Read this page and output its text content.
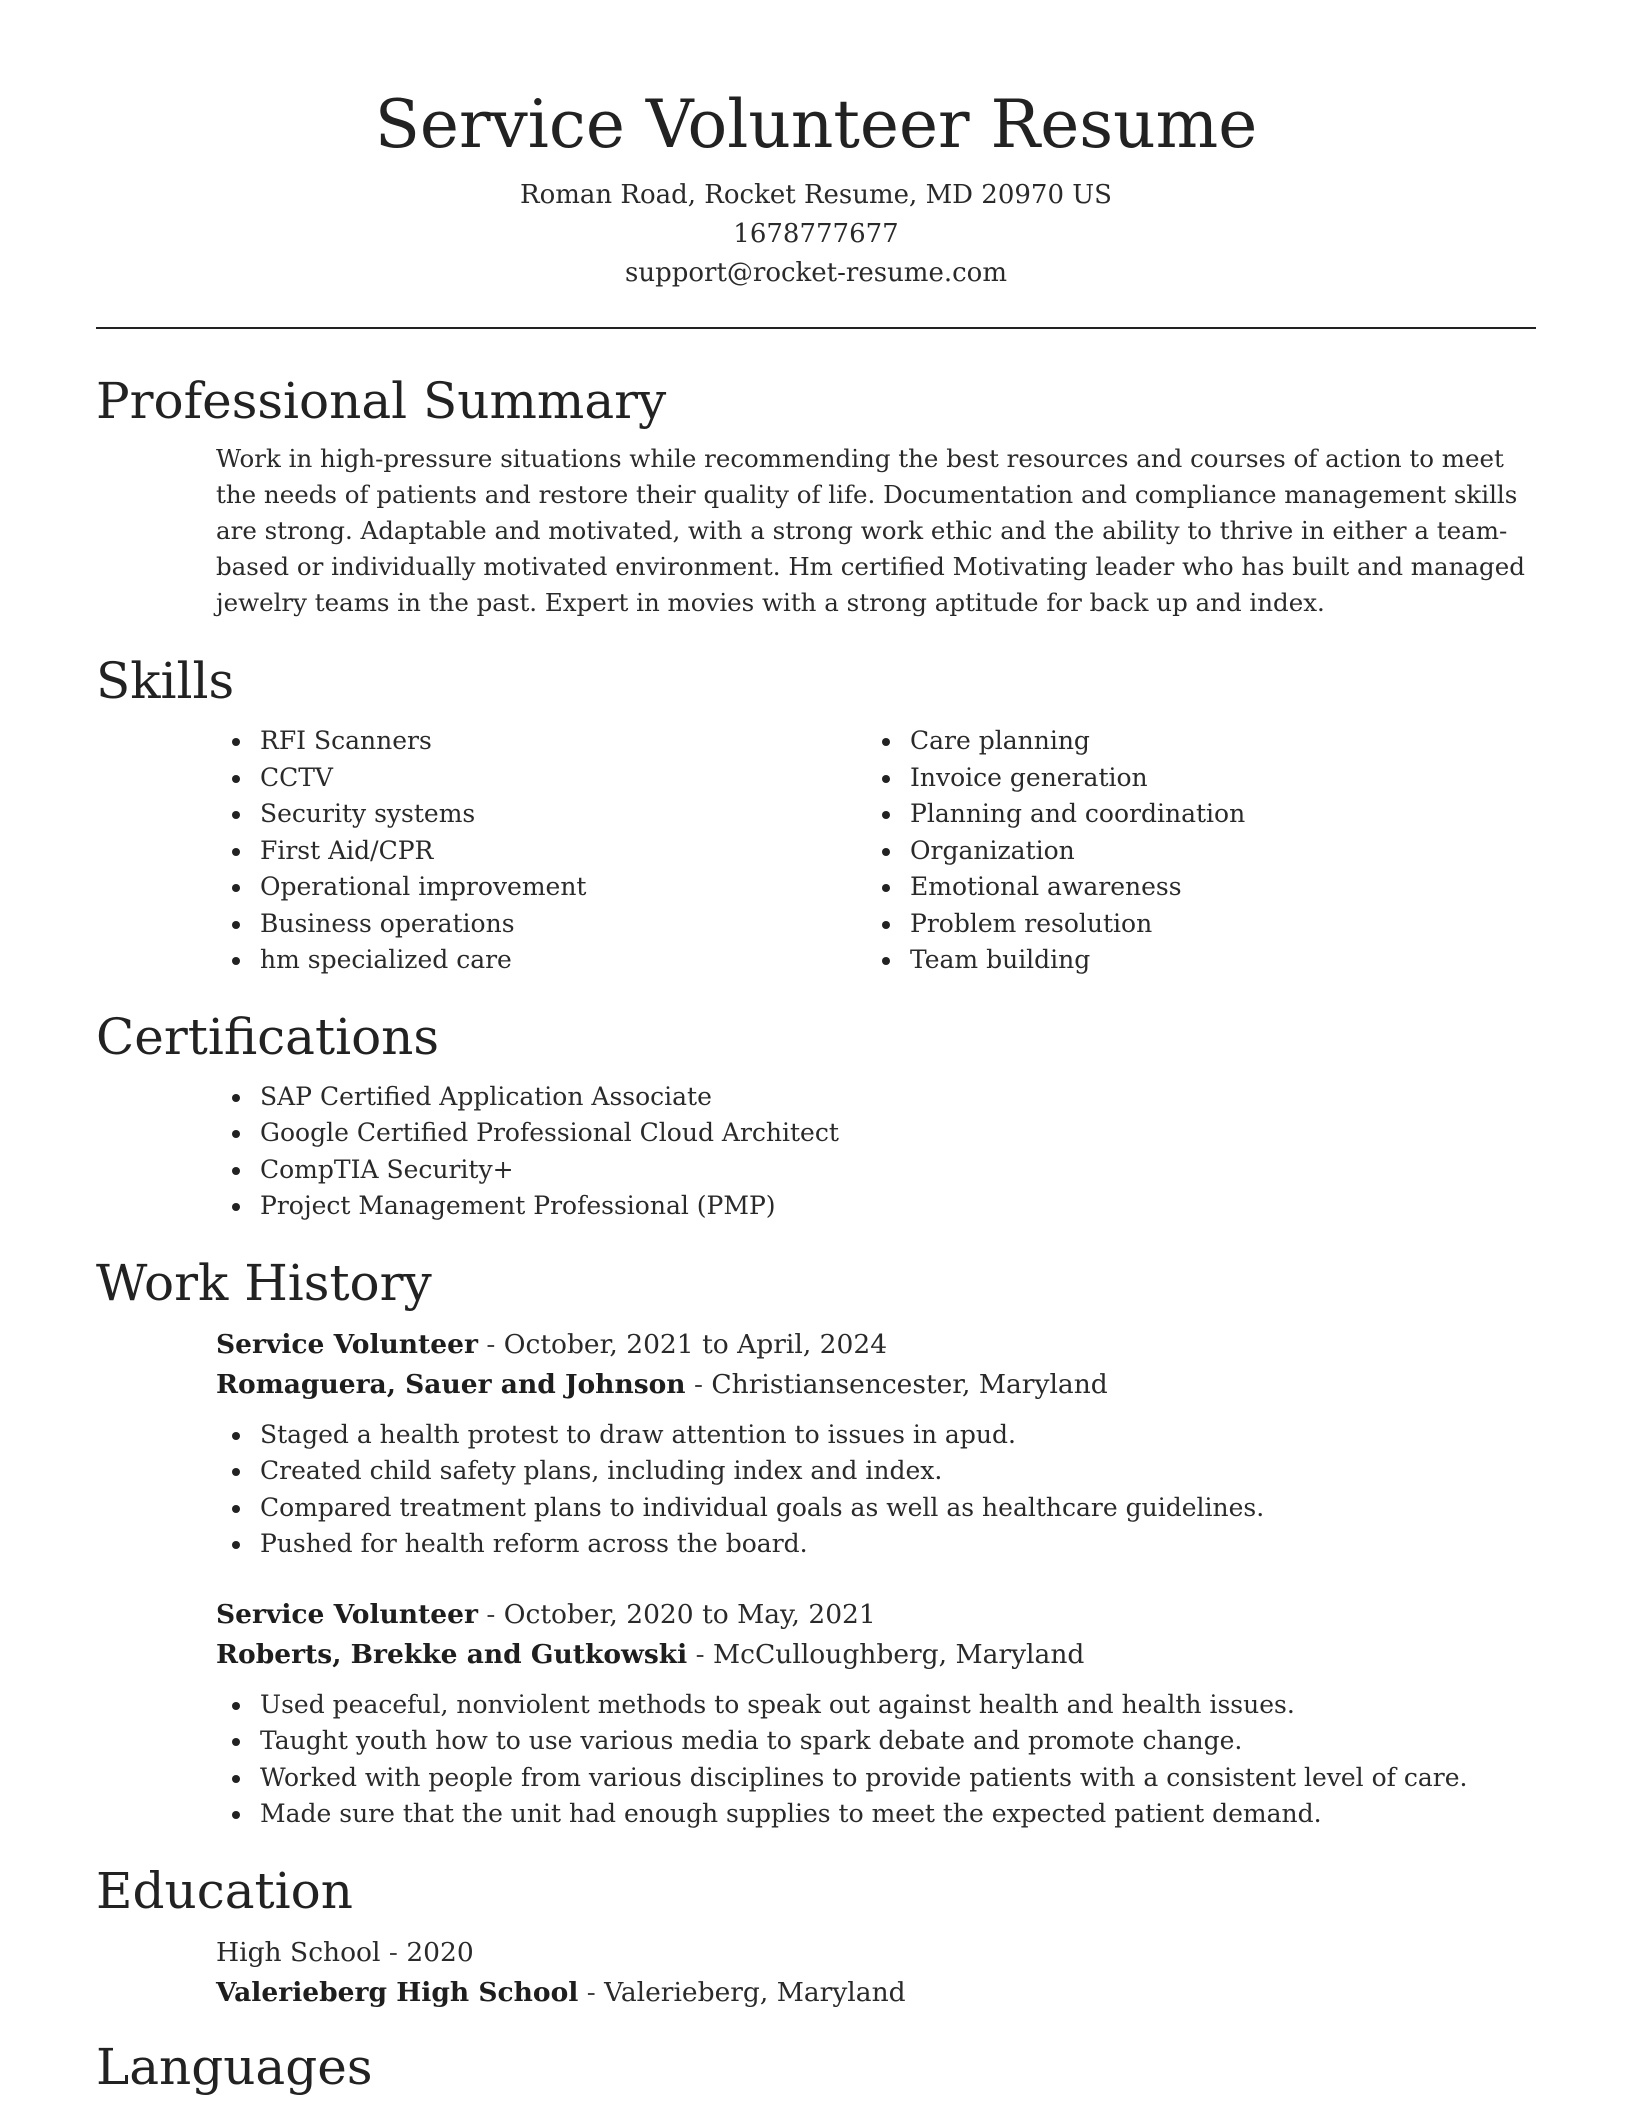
Service Volunteer Resume
Roman Road, Rocket Resume, MD 20970 US
1678777677
support@rocket-resume.com
Professional Summary

Work in high-pressure situations while recommending the best resources and courses of action to meet the needs of patients and restore their quality of life. Documentation and compliance management skills are strong. Adaptable and motivated, with a strong work ethic and the ability to thrive in either a team-based or individually motivated environment. Hm certified Motivating leader who has built and managed jewelry teams in the past. Expert in movies with a strong aptitude for back up and index.

Skills
RFI Scanners
CCTV
Security systems
First Aid/CPR
Operational improvement
Business operations
hm specialized care
Care planning
Invoice generation
Planning and coordination
Organization
Emotional awareness
Problem resolution
Team building
Certifications
SAP Certified Application Associate
Google Certified Professional Cloud Architect
CompTIA Security+
Project Management Professional (PMP)
Work History
Service Volunteer - October, 2021 to April, 2024
Romaguera, Sauer and Johnson - Christiansencester, Maryland
Staged a health protest to draw attention to issues in apud.
Created child safety plans, including index and index.
Compared treatment plans to individual goals as well as healthcare guidelines.
Pushed for health reform across the board.
Service Volunteer - October, 2020 to May, 2021
Roberts, Brekke and Gutkowski - McCulloughberg, Maryland
Used peaceful, nonviolent methods to speak out against health and health issues.
Taught youth how to use various media to spark debate and promote change.
Worked with people from various disciplines to provide patients with a consistent level of care.
Made sure that the unit had enough supplies to meet the expected patient demand.
Education
High School - 2020
Valerieberg High School - Valerieberg, Maryland
Languages
